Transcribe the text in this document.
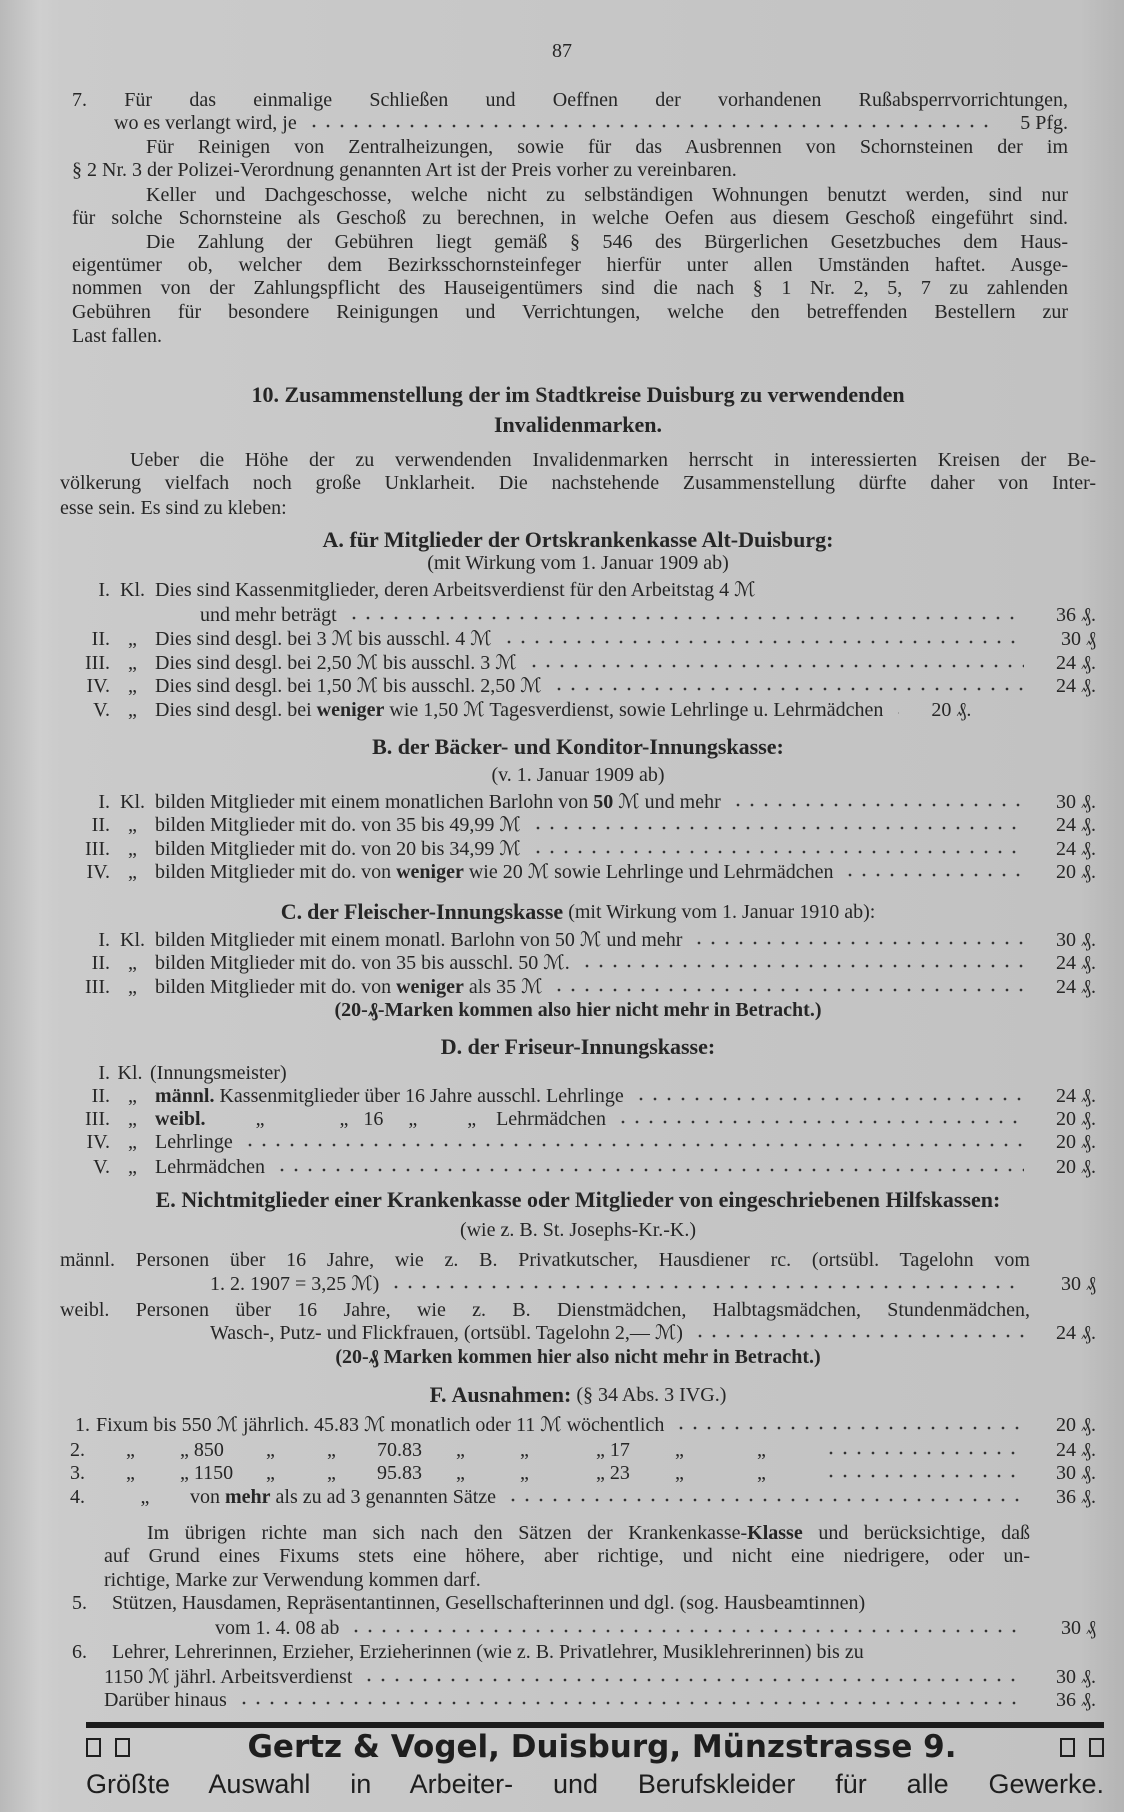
87
7. Für das einmalige Schließen und Oeffnen der vorhandenen Rußabsperrvorrichtungen,
wo es verlangt wird, je	5 Pfg.
Für Reinigen von Zentralheizungen, sowie für das Ausbrennen von Schornsteinen der im
§ 2 Nr. 3 der Polizei-Verordnung genannten Art ist der Preis vorher zu vereinbaren.
Keller und Dachgeschosse, welche nicht zu selbständigen Wohnungen benutzt werden, sind nur
für solche Schornsteine als Geschoß zu berechnen, in welche Oefen aus diesem Geschoß eingeführt sind.
Die Zahlung der Gebühren liegt gemäß § 546 des Bürgerlichen Gesetzbuches dem Haus-
eigentümer ob, welcher dem Bezirksschornsteinfeger hierfür unter allen Umständen haftet. Ausge-
nommen von der Zahlungspflicht des Hauseigentümers sind die nach § 1 Nr. 2, 5, 7 zu zahlenden
Gebühren für besondere Reinigungen und Verrichtungen, welche den betreffenden Bestellern zur
Last fallen.
10. Zusammenstellung der im Stadtkreise Duisburg zu verwendenden
Invalidenmarken.
Ueber die Höhe der zu verwendenden Invalidenmarken herrscht in interessierten Kreisen der Be-
völkerung vielfach noch große Unklarheit. Die nachstehende Zusammenstellung dürfte daher von Inter-
esse sein. Es sind zu kleben:
A.
für Mitglieder der Ortskrankenkasse Alt-Duisburg:
(mit Wirkung vom 1. Januar 1909 ab)
I. Kl. Dies sind Kassenmitglieder, deren Arbeitsverdienst für den Arbeitstag 4 ℳ
und mehr beträgt	36 ₰.
II. „ Dies sind desgl. bei 3 ℳ bis ausschl. 4 ℳ	30 ₰
III. „ Dies sind desgl. bei 2,50 ℳ bis ausschl. 3 ℳ	24 ₰.
IV. „ Dies sind desgl. bei 1,50 ℳ bis ausschl. 2,50 ℳ	24 ₰.
V. „ Dies sind desgl. bei weniger wie 1,50 ℳ Tagesverdienst, sowie Lehrlinge u. Lehrmädchen	20 ₰.
B.
der Bäcker- und Konditor-Innungskasse:
(v. 1. Januar 1909 ab)
I. Kl. bilden Mitglieder mit einem monatlichen Barlohn von 50 ℳ und mehr	30 ₰.
II. „ bilden Mitglieder mit do. von 35 bis 49,99 ℳ	24 ₰.
III. „ bilden Mitglieder mit do. von 20 bis 34,99 ℳ	24 ₰.
IV. „ bilden Mitglieder mit do. von weniger wie 20 ℳ sowie Lehrlinge und Lehrmädchen	20 ₰.
C.
der Fleischer-Innungskasse (mit Wirkung vom 1. Januar 1910 ab):
I. Kl. bilden Mitglieder mit einem monatl. Barlohn von 50 ℳ und mehr	30 ₰.
II. „ bilden Mitglieder mit do. von 35 bis ausschl. 50 ℳ.	24 ₰.
III. „ bilden Mitglieder mit do. von weniger als 35 ℳ	24 ₰.
(20-₰-Marken kommen also hier nicht mehr in Betracht.)
D.
der Friseur-Innungskasse:
I. Kl. (Innungsmeister)
II. „ männl. Kassenmitglieder über 16 Jahre ausschl. Lehrlinge	24 ₰.
III. „ weibl.          „               „   16     „          „    Lehrmädchen	20 ₰.
IV. „ Lehrlinge	20 ₰.
V. „ Lehrmädchen	20 ₰.
E.
Nichtmitglieder einer Krankenkasse oder Mitglieder von eingeschriebenen Hilfskassen:
(wie z. B. St. Josephs-Kr.-K.)
männl. Personen über 16 Jahre, wie z. B. Privatkutscher, Hausdiener rc. (ortsübl. Tagelohn vom
1. 2. 1907 = 3,25 ℳ)	30 ₰
weibl. Personen über 16 Jahre, wie z. B. Dienstmädchen, Halbtagsmädchen, Stundenmädchen,
Wasch-, Putz- und Flickfrauen, (ortsübl. Tagelohn 2,— ℳ)	24 ₰.
(20-₰ Marken kommen hier also nicht mehr in Betracht.)
F.
Ausnahmen:
(§ 34 Abs. 3 IVG.)
1. Fixum bis 550 ℳ jährlich. 45.83 ℳ monatlich oder 11 ℳ wöchentlich	20 ₰.
2.	„ „ 850 „	„ 70.83 „	„	„ 17 „	„	24 ₰.
3.	„ „ 1150 „	„ 95.83 „	„	„ 23 „	„	30 ₰.
4.	„	von mehr als zu ad 3 genannten Sätze	36 ₰.
Im übrigen richte man sich nach den Sätzen der Krankenkasse-Klasse und berücksichtige, daß
auf Grund eines Fixums stets eine höhere, aber richtige, und nicht eine niedrigere, oder un-
richtige, Marke zur Verwendung kommen darf.
5.	Stützen, Hausdamen, Repräsentantinnen, Gesellschafterinnen und dgl. (sog. Hausbeamtinnen)
vom 1. 4. 08 ab	30 ₰
6.	Lehrer, Lehrerinnen, Erzieher, Erzieherinnen (wie z. B. Privatlehrer, Musiklehrerinnen) bis zu
1150 ℳ jährl. Arbeitsverdienst	30 ₰.
Darüber hinaus	36 ₰.
Gertz & Vogel, Duisburg, Münzstrasse 9.
Größte Auswahl in Arbeiter- und Berufskleider für alle Gewerke.
